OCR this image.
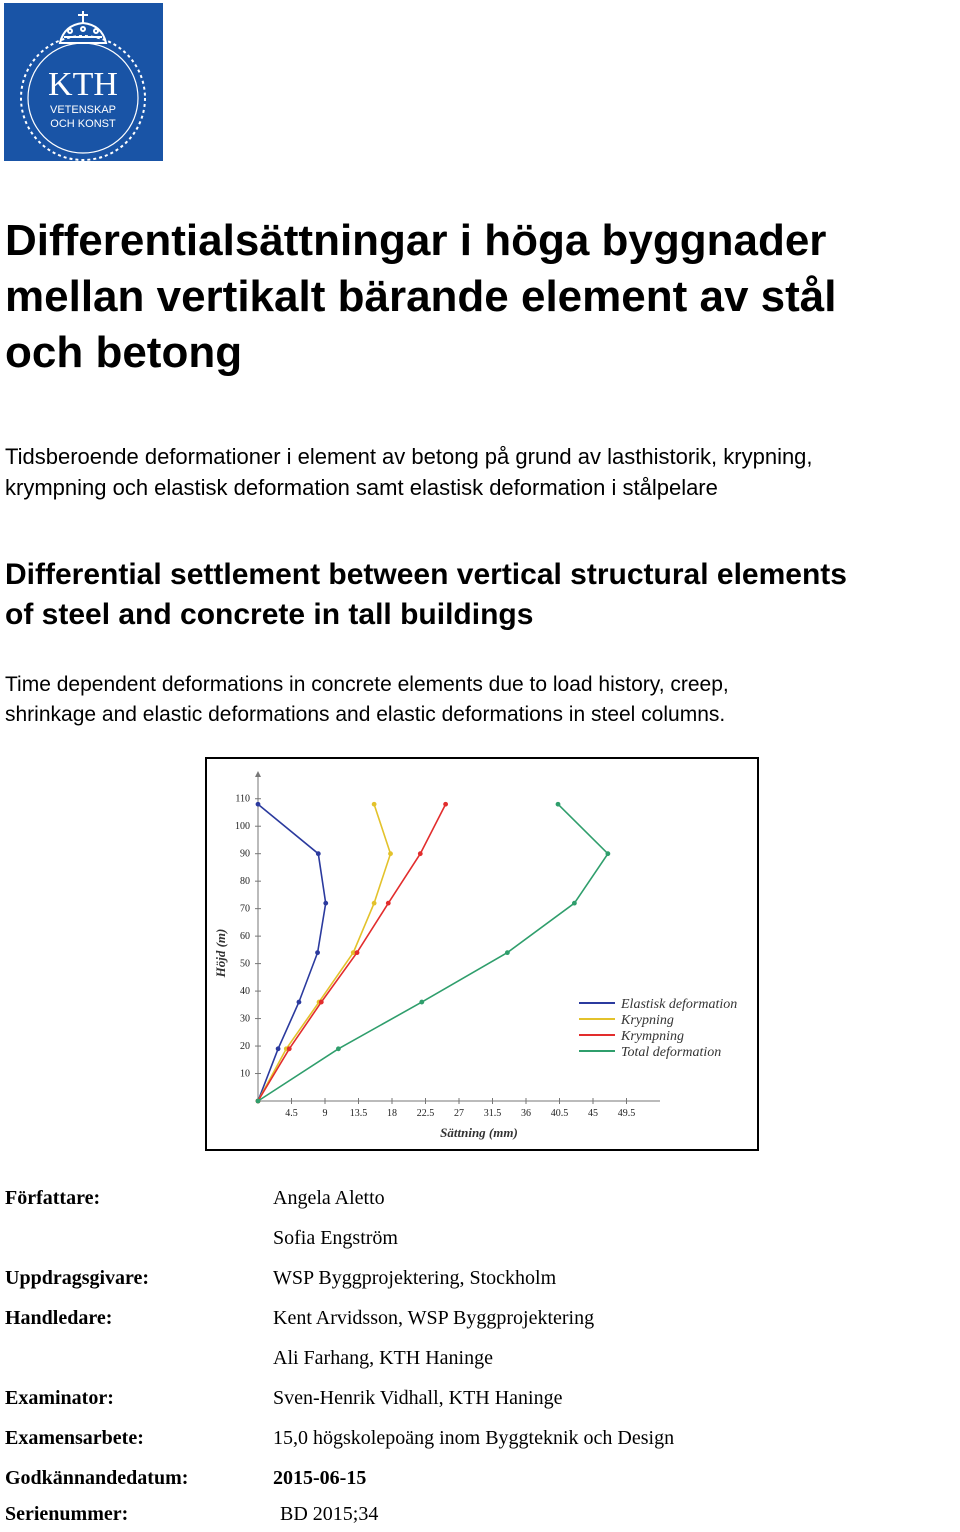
KTH
VETENSKAP
OCH KONST
Differentialsättningar i höga byggnader
mellan vertikalt bärande element av stål
och betong

Tidsberoende deformationer i element av betong på grund av lasthistorik, krypning,
krympning och elastisk deformation samt elastisk deformation i stålpelare

Differential settlement between vertical structural elements
of steel and concrete in tall buildings

Time dependent deformations in concrete elements due to load history, creep,
shrinkage and elastic deformations and elastic deformations in steel columns.

10
20
30
40
50
60
70
80
90
100
110
4.5 9 13.5 18 22.5 27 31.5 36 40.5 45 49.5
Elastisk deformation
Krypning
Krympning
Total deformation
Höjd (m)
Sättning (mm)
Författare:	Angela Aletto
Sofia Engström
Uppdragsgivare:	WSP Byggprojektering, Stockholm
Handledare:	Kent Arvidsson, WSP Byggprojektering
Ali Farhang, KTH Haninge
Examinator:	Sven-Henrik Vidhall, KTH Haninge
Examensarbete:	15,0 högskolepoäng inom Byggteknik och Design
Godkännandedatum:	2015-06-15
Serienummer:	BD 2015;34
